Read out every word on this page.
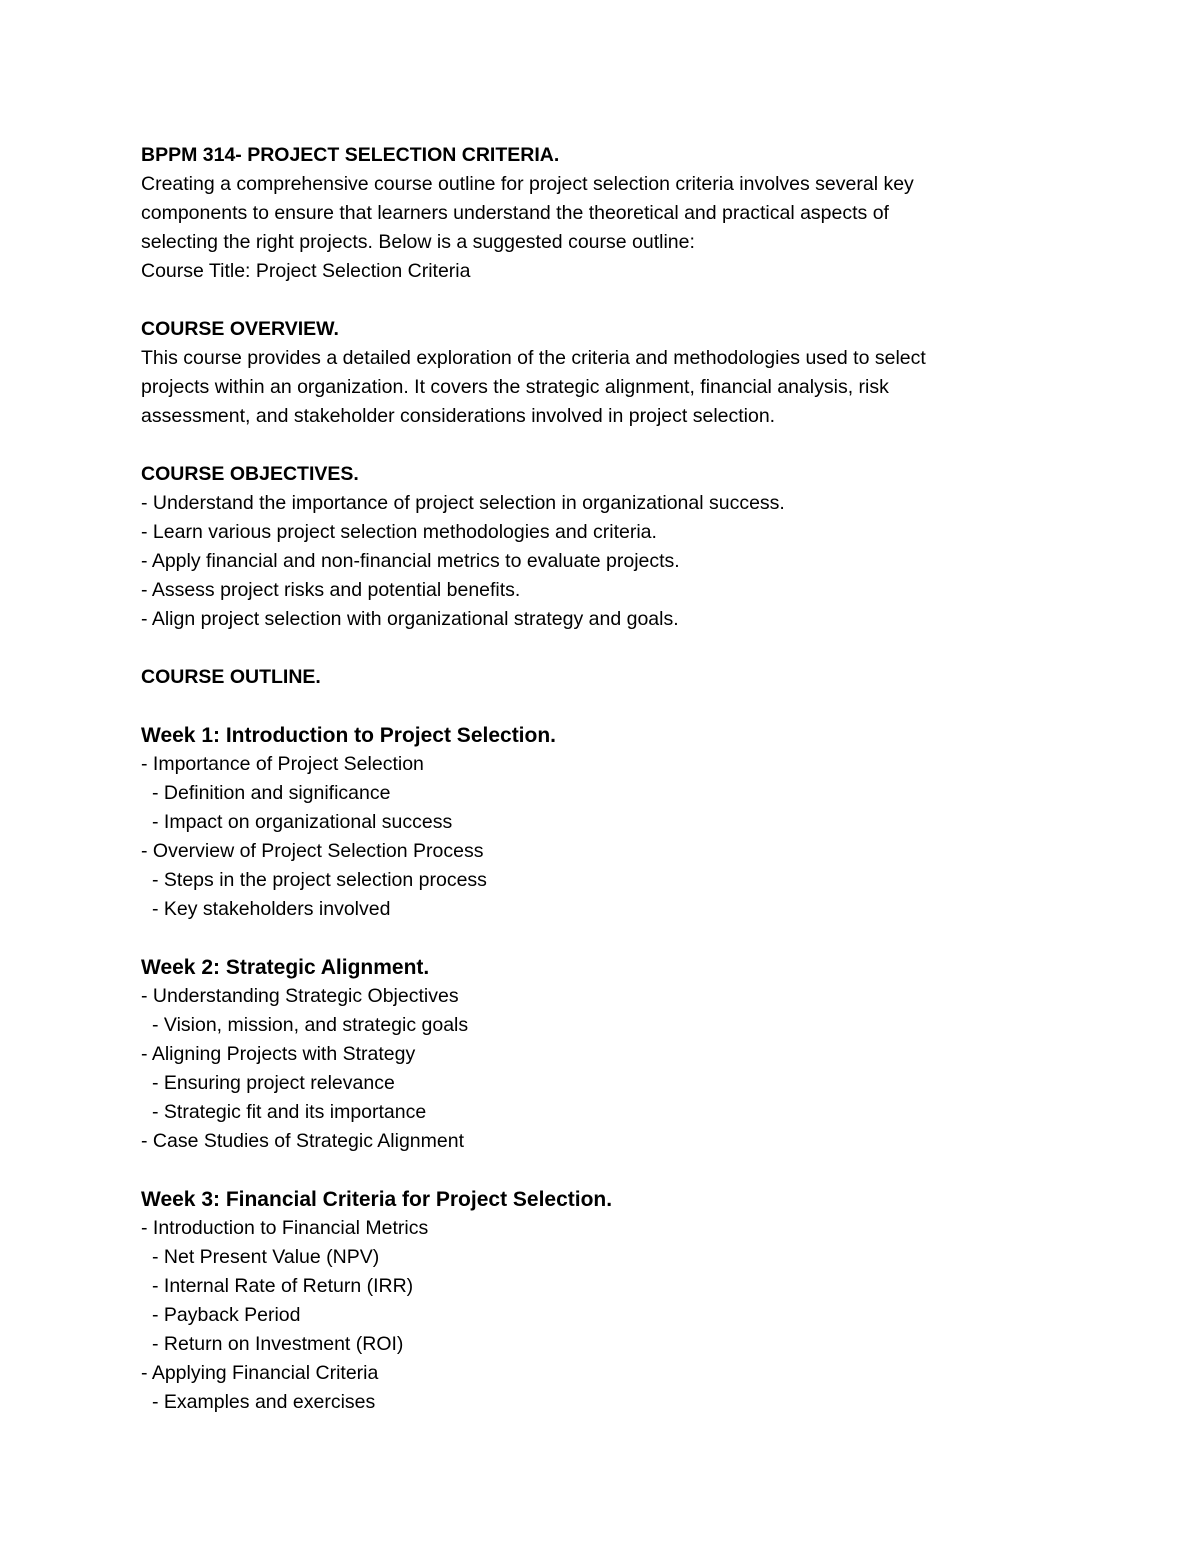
BPPM 314- PROJECT SELECTION CRITERIA.
Creating a comprehensive course outline for project selection criteria involves several key
components to ensure that learners understand the theoretical and practical aspects of
selecting the right projects. Below is a suggested course outline:
Course Title: Project Selection Criteria
COURSE OVERVIEW.
This course provides a detailed exploration of the criteria and methodologies used to select
projects within an organization. It covers the strategic alignment, financial analysis, risk
assessment, and stakeholder considerations involved in project selection.
COURSE OBJECTIVES.
- Understand the importance of project selection in organizational success.
- Learn various project selection methodologies and criteria.
- Apply financial and non-financial metrics to evaluate projects.
- Assess project risks and potential benefits.
- Align project selection with organizational strategy and goals.
COURSE OUTLINE.
Week 1: Introduction to Project Selection.
- Importance of Project Selection
- Definition and significance
- Impact on organizational success
- Overview of Project Selection Process
- Steps in the project selection process
- Key stakeholders involved
Week 2: Strategic Alignment.
- Understanding Strategic Objectives
- Vision, mission, and strategic goals
- Aligning Projects with Strategy
- Ensuring project relevance
- Strategic fit and its importance
- Case Studies of Strategic Alignment
Week 3: Financial Criteria for Project Selection.
- Introduction to Financial Metrics
- Net Present Value (NPV)
- Internal Rate of Return (IRR)
- Payback Period
- Return on Investment (ROI)
- Applying Financial Criteria
- Examples and exercises
